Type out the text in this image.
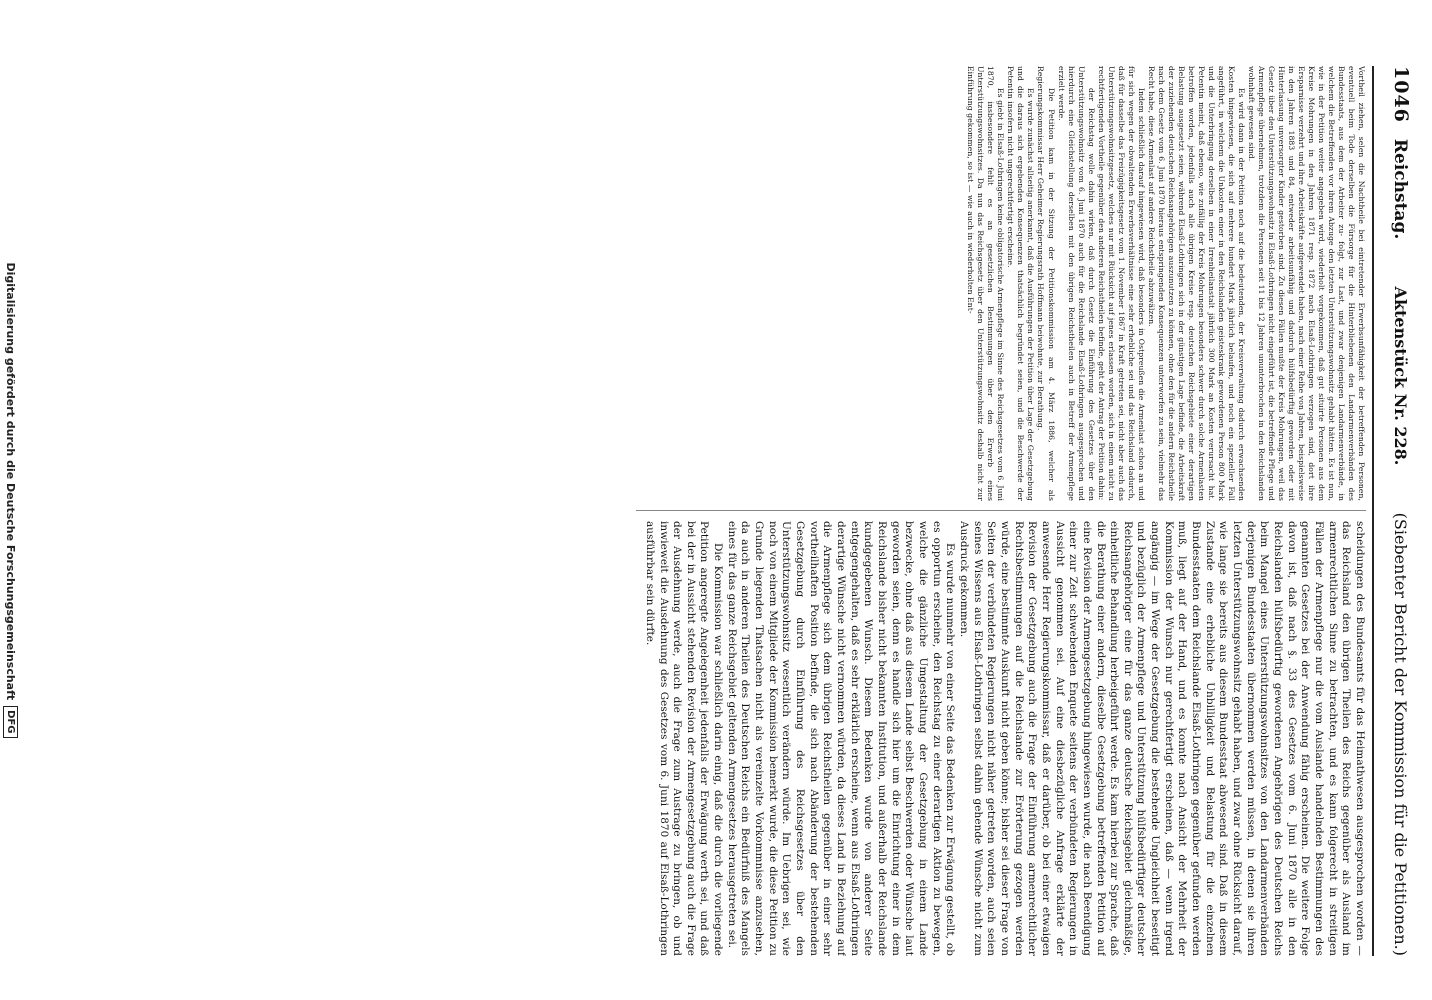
1046
Reichstag.
Aktenstück Nr. 228.
(Siebenter Bericht der Kommission für die Petitionen.)

Vortheil ziehen, selen die Nachtheile bei eintretender Erwerbsunfähigkeit der betreffenden Personen, eventuell beim Tode derselben die Fürsorge für die Hinterbliebenen den Landarmenverbänden des Bundesstaats, aus dem der Arbeiter zu- folgt, zur Last, und zwar denjenigen Landarmenverbände, in welchem die Betreffenden vor ihrem Abzuge den letzten Unterstützungswohnsitz gehabt hätten. Es ist nun, wie in der Petition weiter angegeben wird, wiederholt vorgekommen, daß gut situirte Personen aus dem Kreise Mohrungen in den Jahren 1871 resp. 1872 nach Elsaß-Lothringen verzogen sind, dort ihre Ersparnisse verzehrt und ihre Arbeitskräfte aufgewendet haben, nach einer Reihe von Jahren, beispielsweise in den Jahren 1883 und 84, entweder arbeitsunfähig und dadurch hülfsbedürftig geworden oder mit Hinterlassung unversorgter Kinder gestorben sind. Zu diesen Fällen mußte der Kreis Mohrungen, weil das Gesetz über den Unterstützungswohnsitz in Elsaß-Lothringen nicht eingeführt ist, die betreffende Pflege und Armenpflege übernehmen, trotzdem die Personen seit 11 bis 12 Jahren ununterbrochen in den Reichslanden wohnhaft gewesen sind.

Es wird dann in der Petition noch auf die bedeutenden, der Kreisverwaltung dadurch erwachsenden Kosten hingewiesen, die sich auf mehrere hundert Mark jährlich belaufen, und noch ein spezieller Fall angeführt, in welchem die Unkosten einer in den Reichslanden geisteskrank gewordenen Person 800 Mark und die Unterbringung derselben in einer Irrenheilanstalt jährlich 300 Mark an Kosten verursacht hat. Petentin meint, daß ebenso, wie zufällig der Kreis Mohrungen besonders schwer durch solche Armenlasten betroffen worden, jedenfalls auch alle übrigen Kreise resp. deutschen Reichsgebiete einer derartigen Belastung ausgesetzt seien, während Elsaß-Lothringen sich in der günstigen Lage befinde, die Arbeitskraft der zuziehenden deutschen Reichsangehörigen auszunutzen zu können, ohne den für die andern Reichstheile nach dem Gesetz vom 6. Juni 1870 hieraus entspringenden Konsequenzen unterworfen zu sein, vielmehr das Recht habe, diese Armenlast auf andere Reichstheile abzuwälzen.

Indem schließlich darauf hingewiesen wird, daß besonders in Ostpreußen die Armenlast schon an und für sich wegen der obwaltenden Erwerbsverhältnisse eine sehr erhebliche sei und das Reichsland dadurch, daß für dasselbe das Freizügigkeitsgesetz vom 1. November 1867 in Kraft getreten sei, nicht aber auch das Unterstützungswohnsitzgesetz, welches nur mit Rücksicht auf jenes erlassen worden, sich in einem nicht zu rechtfertigenden Vortheile gegenüber den anderen Reichstheilen befinde, geht der Antrag der Petition dahin:

der Reichstag wolle dahin wirken, daß durch Gesetz die Einführung des Gesetzes über den Unterstützungswohnsitz vom 6. Juni 1870 auch für die Reichslande Elsaß-Lothringen ausgesprochen und hierdurch eine Gleichstellung derselben mit den übrigen Reichstheilen auch in Betreff der Armenpflege erzielt werde.

Die Petition kam in der Sitzung der Petitionskommission am 4. März 1886, welcher als Regierungskommissar Herr Geheimer Regierungsrath Hoffmann beiwohnte, zur Berathung.

Es wurde zunächst allseitig anerkannt, daß die Ausführungen der Petition über Lage der Gesetzgebung und die daraus sich ergebenden Konsequenzen thatsächlich begründet seien, und die Beschwerde der Petentin insofern nicht ungerechtfertigt erscheine.

Es giebt in Elsaß-Lothringen keine obligatorische Armenpflege im Sinne des Reichsgesetzes vom 6. Juni 1870, insbesondere fehlt es an gesetzlichen Bestimmungen über den Erwerb eines Unterstützungswohnsitzes. Da nun das Reichsgesetz über den Unterstützungswohnsitz deshalb nicht zur Einführung gekommen, so ist — wie auch in wiederholten Ent-

scheidungen des Bundesamts für das Heimathwesen ausgesprochen worden — das Reichsland den übrigen Theilen des Reichs gegenüber als Ausland im armenrechtlichen Sinne zu betrachten, und es kann folgerecht in streitigen Fällen der Armenpflege nur die vom Auslande handelnden Bestimmungen des genannten Gesetzes bei der Anwendung fähig erscheinen. Die weitere Folge davon ist, daß nach §. 33 des Gesetzes vom 6. Juni 1870 alle in den Reichslanden hülfsbedürftig gewordenen Angehörigen des Deutschen Reichs beim Mangel eines Unterstützungswohnsitzes von den Landarmenverbänden derjenigen Bundesstaaten übernommen werden müssen, in denen sie ihren letzten Unterstützungswohnsitz gehabt haben, und zwar ohne Rücksicht darauf, wie lange sie bereits aus diesem Bundesstaat abwesend sind. Daß in diesem Zustande eine erhebliche Unbilligkeit und Belastung für die einzelnen Bundesstaaten dem Reichslande Elsaß-Lothringen gegenüber gefunden werden muß, liegt auf der Hand, und es konnte nach Ansicht der Mehrheit der Kommission der Wunsch nur gerechtfertigt erscheinen, daß — wenn irgend angängig — im Wege der Gesetzgebung die bestehende Ungleichheit beseitigt und bezüglich der Armenpflege und Unterstützung hülfsbedürftiger deutscher Reichsangehöriger eine für das ganze deutsche Reichsgebiet gleichmäßige, einheitliche Behandlung herbeigeführt werde. Es kam hierbei zur Sprache, daß die Berathung einer andern, dieselbe Gesetzgebung betreffenden Petition auf eine Revision der Armengesetzgebung hingewiesen wurde, die nach Beendigung einer zur Zeit schwebenden Enquete seitens der verbündeten Regierungen in Aussicht genommen sei. Auf eine diesbezügliche Anfrage erklärte der anwesende Herr Regierungskommissar, daß er darüber, ob bei einer etwaigen Revision der Gesetzgebung auch die Frage der Einführung armenrechtlicher Rechtsbestimmungen auf die Reichslande zur Erörterung gezogen werden würde, eine bestimmte Auskunft nicht geben könne; bisher sei dieser Frage von Seiten der verbündeten Regierungen nicht näher getreten worden, auch seien seines Wissens aus Elsaß-Lothringen selbst dahin gehende Wünsche nicht zum Ausdruck gekommen.

Es wurde nunmehr von einer Seite das Bedenken zur Erwägung gestellt, ob es opportun erscheine, den Reichstag zu einer derartigen Aktion zu bewegen, welche die gänzliche Umgestaltung der Gesetzgebung in einem Lande bezwecke, ohne daß aus diesem Lande selbst Beschwerden oder Wünsche laut geworden seien, denn es handle sich hier um die Einrichtung einer in dem Reichslande bisher nicht bekannten Institution, und außerhalb der Reichslande kundgegebenen Wunsch. Diesem Bedenken wurde von anderer Seite entgegengehalten, daß es sehr erklärlich erscheine, wenn aus Elsaß-Lothringen derartige Wünsche nicht vernommen würden, da dieses Land in Beziehung auf die Armenpflege sich dem übrigen Reichstheilen gegenüber in einer sehr vortheilhaften Position befinde, die sich nach Abänderung der bestehenden Gesetzgebung durch Einführung des Reichsgesetzes über den Unterstützungswohnsitz wesentlich verändern würde. Im Uebrigen sei, wie noch von einem Mitgliede der Kommission bemerkt wurde, die diese Petition zu Grunde liegenden Thatsachen nicht als vereinzelte Vorkommnisse anzusehen, da auch in anderen Theilen des Deutschen Reichs ein Bedürfniß des Mangels eines für das ganze Reichsgebiet geltenden Armengesetzes herausgetreten sei.

Die Kommission war schließlich darin einig, daß die durch die vorliegende Petition angeregte Angelegenheit jedenfalls der Erwägung werth sei, und daß bei der in Aussicht stehenden Revision der Armengesetzgebung auch die Frage der Ausdehnung werde, auch die Frage zum Austrage zu bringen, ob und inwieweit die Ausdehnung des Gesetzes vom 6. Juni 1870 auf Elsaß-Lothringen ausführbar sein dürfte.

Digitalisierung gefördert durch die Deutsche Forschungsgemeinschaft
DFG
